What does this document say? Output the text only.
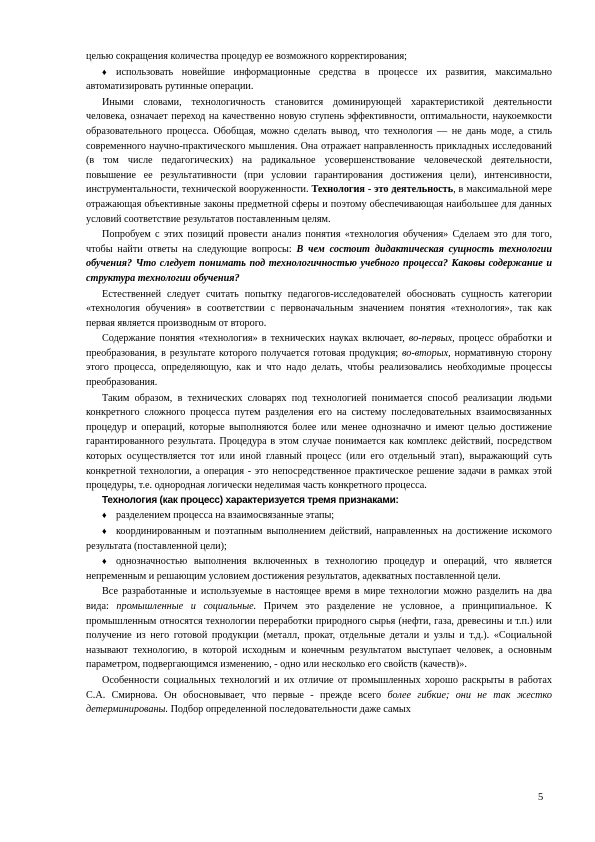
целью сокращения количества процедур ее возможного корректирования;

♦ использовать новейшие информационные средства в процессе их развития, максимально автоматизировать рутинные операции.

Иными словами, технологичность становится доминирующей характеристикой деятельности человека, означает переход на качественно новую ступень эффективности, оптимальности, наукоемкости образовательного процесса. Обобщая, можно сделать вывод, что технология — не дань моде, а стиль современного научно-практического мышления. Она отражает направленность прикладных исследований (в том числе педагогических) на радикальное усовершенствование человеческой деятельности, повышение ее результативности (при условии гарантирования достижения цели), интенсивности, инструментальности, технической вооруженности. Технология - это деятельность, в максимальной мере отражающая объективные законы предметной сферы и поэтому обеспечивающая наибольшее для данных условий соответствие результатов поставленным целям.

Попробуем с этих позиций провести анализ понятия «технология обучения» Сделаем это для того, чтобы найти ответы на следующие вопросы: В чем состоит дидактическая сущность технологии обучения? Что следует понимать под технологичностью учебного процесса? Каковы содержание и структура технологии обучения?

Естественней следует считать попытку педагогов-исследователей обосновать сущность категории «технология обучения» в соответствии с первоначальным значением понятия «технология», так как первая является производным от второго.

Содержание понятия «технология» в технических науках включает, во-первых, процесс обработки и преобразования, в результате которого получается готовая продукция; во-вторых, нормативную сторону этого процесса, определяющую, как и что надо делать, чтобы реализовались необходимые процессы преобразования.

Таким образом, в технических словарях под технологией понимается способ реализации людьми конкретного сложного процесса путем разделения его на систему последовательных взаимосвязанных процедур и операций, которые выполняются более или менее однозначно и имеют целью достижение гарантированного результата. Процедура в этом случае понимается как комплекс действий, посредством которых осуществляется тот или иной главный процесс (или его отдельный этап), выражающий суть конкретной технологии, а операция - это непосредственное практическое решение задачи в рамках этой процедуры, т.е. однородная логически неделимая часть конкретного процесса.

Технология (как процесс) характеризуется тремя признаками:

♦ разделением процесса на взаимосвязанные этапы;

♦ координированным и поэтапным выполнением действий, направленных на достижение искомого результата (поставленной цели);

♦ однозначностью выполнения включенных в технологию процедур и операций, что является непременным и решающим условием достижения результатов, адекватных поставленной цели.

Все разработанные и используемые в настоящее время в мире технологии можно разделить на два вида: промышленные и социальные. Причем это разделение не условное, а принципиальное. К промышленным относятся технологии переработки природного сырья (нефти, газа, древесины и т.п.) или получение из него готовой продукции (металл, прокат, отдельные детали и узлы и т.д.). «Социальной называют технологию, в которой исходным и конечным результатом выступает человек, а основным параметром, подвергающимся изменению, - одно или несколько его свойств (качеств)».

Особенности социальных технологий и их отличие от промышленных хорошо раскрыты в работах С.А. Смирнова. Он обосновывает, что первые - прежде всего более гибкие; они не так жестко детерминированы. Подбор определенной последовательности даже самых

5
